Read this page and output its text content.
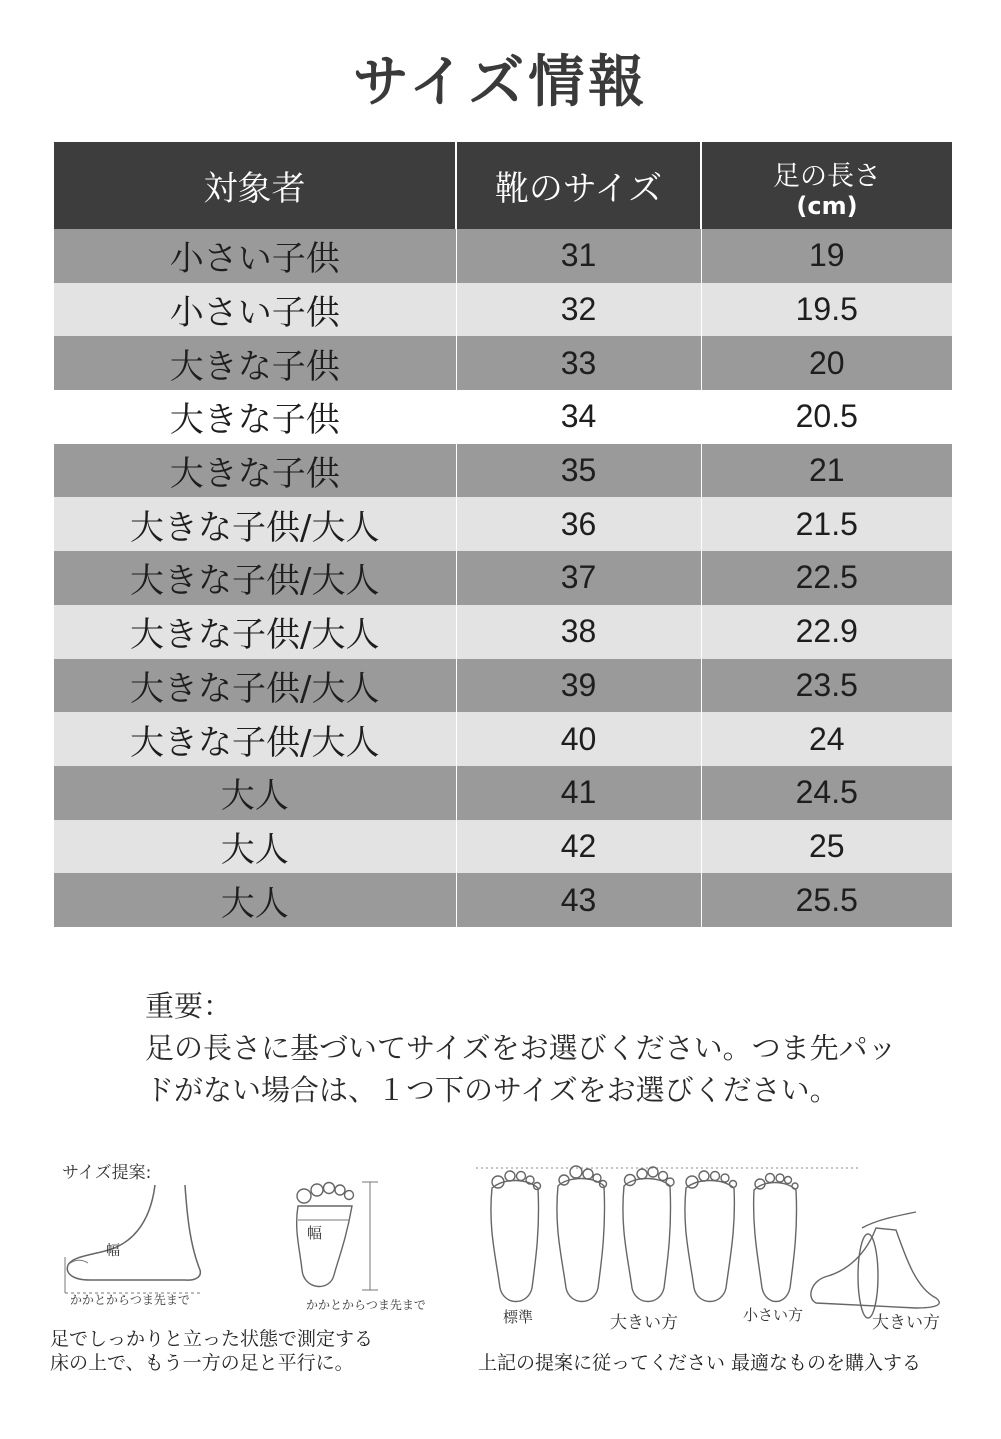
サイズ情報
対象者	靴のサイズ	足の長さ
(cm)

小さい子供	31	19
小さい子供	32	19.5
大きな子供	33	20
大きな子供	34	20.5
大きな子供	35	21
大きな子供/大人	36	21.5
大きな子供/大人	37	22.5
大きな子供/大人	38	22.9
大きな子供/大人	39	23.5
大きな子供/大人	40	24
大人	41	24.5
大人	42	25
大人	43	25.5

重要：

足の長さに基づいてサイズをお選びください。つま先パッ

ドがない場合は、１つ下のサイズをお選びください。

サイズ提案:
幅
かかとからつま先まで
幅
かかとからつま先まで
足でしっかりと立った状態で測定する
床の上で、もう一方の足と平行に。
標準	大きい方	小さい方	大きい方
上記の提案に従ってください 最適なものを購入する
